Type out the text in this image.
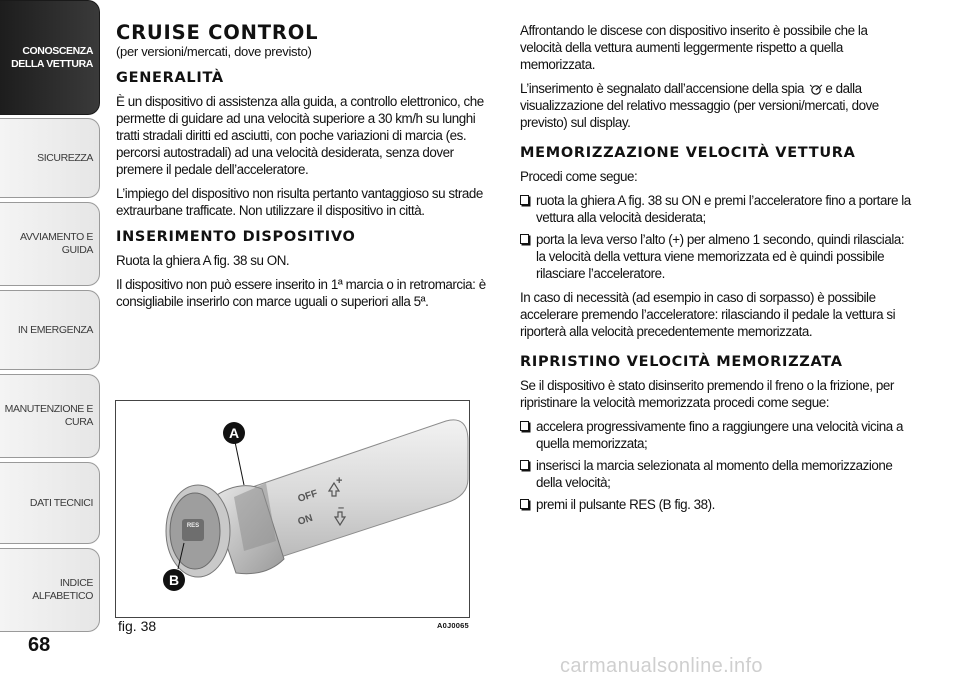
CONOSCENZA
DELLA VETTURA
SICUREZZA
AVVIAMENTO E
GUIDA
IN EMERGENZA
MANUTENZIONE E
CURA
DATI TECNICI
INDICE ALFABETICO
68
CRUISE CONTROL
(per versioni/mercati, dove previsto)
GENERALITÀ

È un dispositivo di assistenza alla guida, a controllo elettronico, che permette di guidare ad una velocità superiore a 30 km/h su lunghi tratti stradali diritti ed asciutti, con poche variazioni di marcia (es. percorsi autostradali) ad una velocità desiderata, senza dover premere il pedale dell’acceleratore.

L’impiego del dispositivo non risulta pertanto vantaggioso su strade extraurbane trafficate. Non utilizzare il dispositivo in città.

INSERIMENTO DISPOSITIVO

Ruota la ghiera A fig. 38 su ON.

Il dispositivo non può essere inserito in 1ª marcia o in retromarcia: è consigliabile inserirlo con marce uguali o superiori alla 5ª.

RES
OFF
ON
+
–
A
B
fig. 38	A0J0065

Affrontando le discese con dispositivo inserito è possibile che la velocità della vettura aumenti leggermente rispetto a quella memorizzata.

L’inserimento è segnalato dall’accensione della spia e dalla visualizzazione del relativo messaggio (per versioni/mercati, dove previsto) sul display.

MEMORIZZAZIONE VELOCITÀ VETTURA

Procedi come segue:

ruota la ghiera A fig. 38 su ON e premi l’acceleratore fino a portare la vettura alla velocità desiderata;
porta la leva verso l’alto (+) per almeno 1 secondo, quindi rilasciala: la velocità della vettura viene memorizzata ed è quindi possibile rilasciare l’acceleratore.

In caso di necessità (ad esempio in caso di sorpasso) è possibile accelerare premendo l’acceleratore: rilasciando il pedale la vettura si riporterà alla velocità precedentemente memorizzata.

RIPRISTINO VELOCITÀ MEMORIZZATA

Se il dispositivo è stato disinserito premendo il freno o la frizione, per ripristinare la velocità memorizzata procedi come segue:

accelera progressivamente fino a raggiungere una velocità vicina a quella memorizzata;
inserisci la marcia selezionata al momento della memorizzazione della velocità;
premi il pulsante RES (B fig. 38).
carmanualsonline.info
